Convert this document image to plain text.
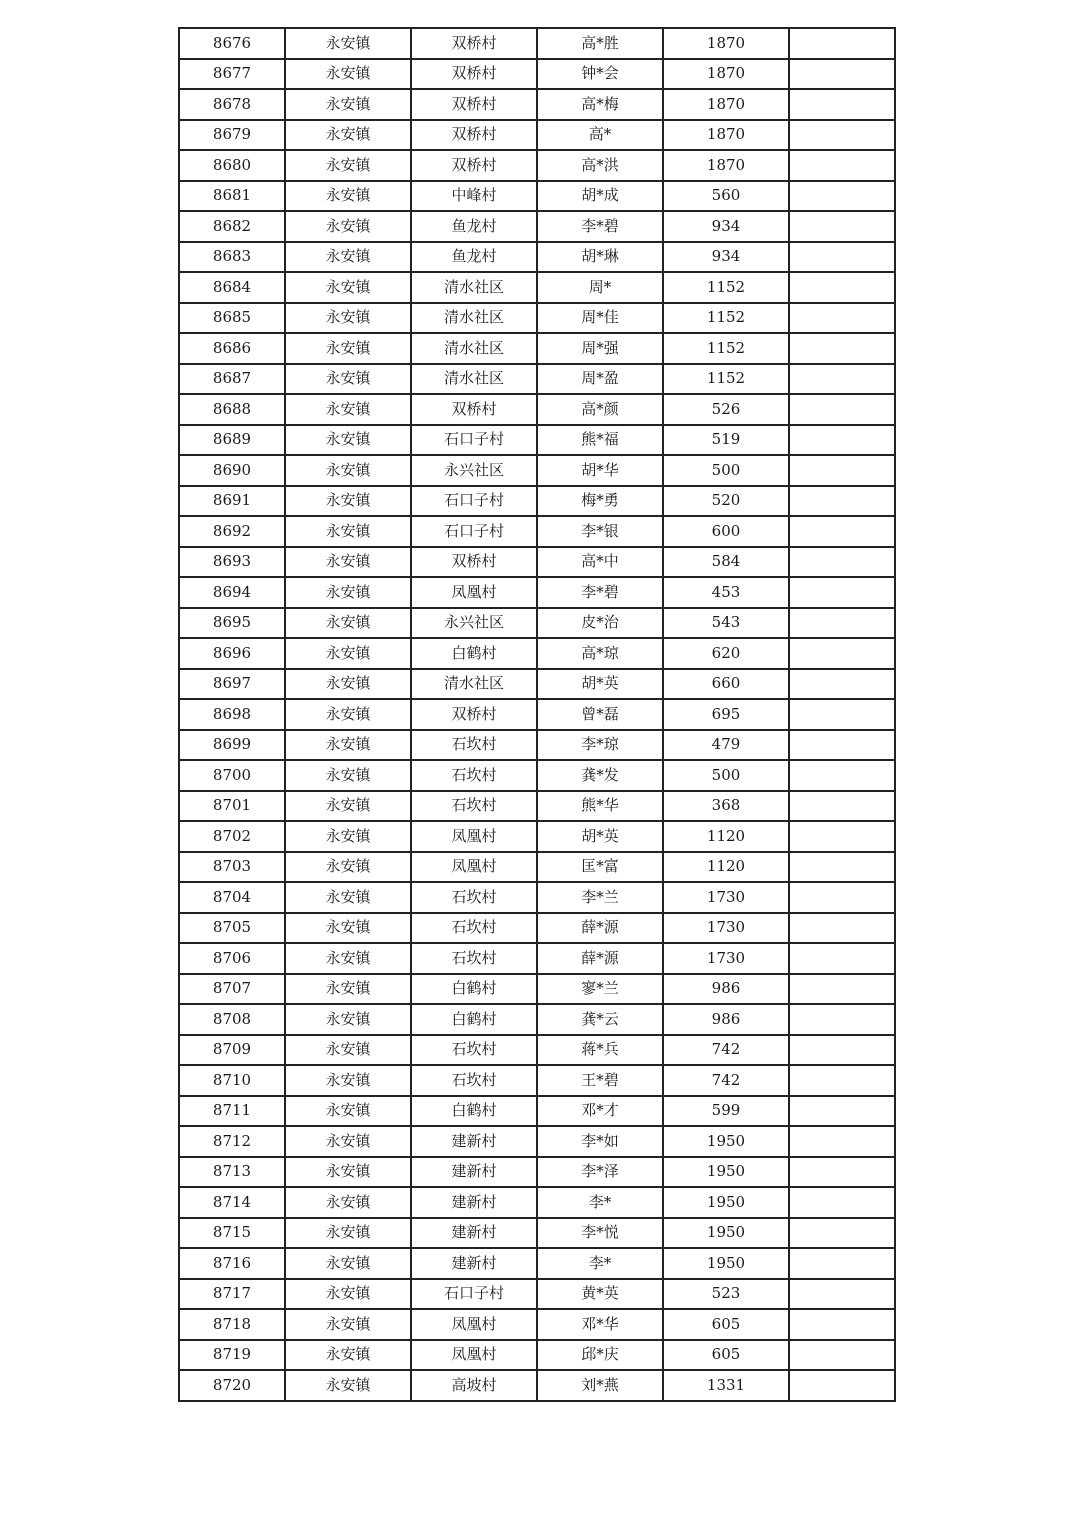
8676	永安镇	双桥村	高*胜	1870	
8677	永安镇	双桥村	钟*会	1870	
8678	永安镇	双桥村	高*梅	1870	
8679	永安镇	双桥村	高*	1870	
8680	永安镇	双桥村	高*洪	1870	
8681	永安镇	中峰村	胡*成	560	
8682	永安镇	鱼龙村	李*碧	934	
8683	永安镇	鱼龙村	胡*琳	934	
8684	永安镇	清水社区	周*	1152	
8685	永安镇	清水社区	周*佳	1152	
8686	永安镇	清水社区	周*强	1152	
8687	永安镇	清水社区	周*盈	1152	
8688	永安镇	双桥村	高*颜	526	
8689	永安镇	石口子村	熊*福	519	
8690	永安镇	永兴社区	胡*华	500	
8691	永安镇	石口子村	梅*勇	520	
8692	永安镇	石口子村	李*银	600	
8693	永安镇	双桥村	高*中	584	
8694	永安镇	凤凰村	李*碧	453	
8695	永安镇	永兴社区	皮*治	543	
8696	永安镇	白鹤村	高*琼	620	
8697	永安镇	清水社区	胡*英	660	
8698	永安镇	双桥村	曾*磊	695	
8699	永安镇	石坎村	李*琼	479	
8700	永安镇	石坎村	龚*发	500	
8701	永安镇	石坎村	熊*华	368	
8702	永安镇	凤凰村	胡*英	1120	
8703	永安镇	凤凰村	匡*富	1120	
8704	永安镇	石坎村	李*兰	1730	
8705	永安镇	石坎村	薛*源	1730	
8706	永安镇	石坎村	薛*源	1730	
8707	永安镇	白鹤村	寥*兰	986	
8708	永安镇	白鹤村	龚*云	986	
8709	永安镇	石坎村	蒋*兵	742	
8710	永安镇	石坎村	王*碧	742	
8711	永安镇	白鹤村	邓*才	599	
8712	永安镇	建新村	李*如	1950	
8713	永安镇	建新村	李*泽	1950	
8714	永安镇	建新村	李*	1950	
8715	永安镇	建新村	李*悦	1950	
8716	永安镇	建新村	李*	1950	
8717	永安镇	石口子村	黄*英	523	
8718	永安镇	凤凰村	邓*华	605	
8719	永安镇	凤凰村	邱*庆	605	
8720	永安镇	高坡村	刘*燕	1331	
